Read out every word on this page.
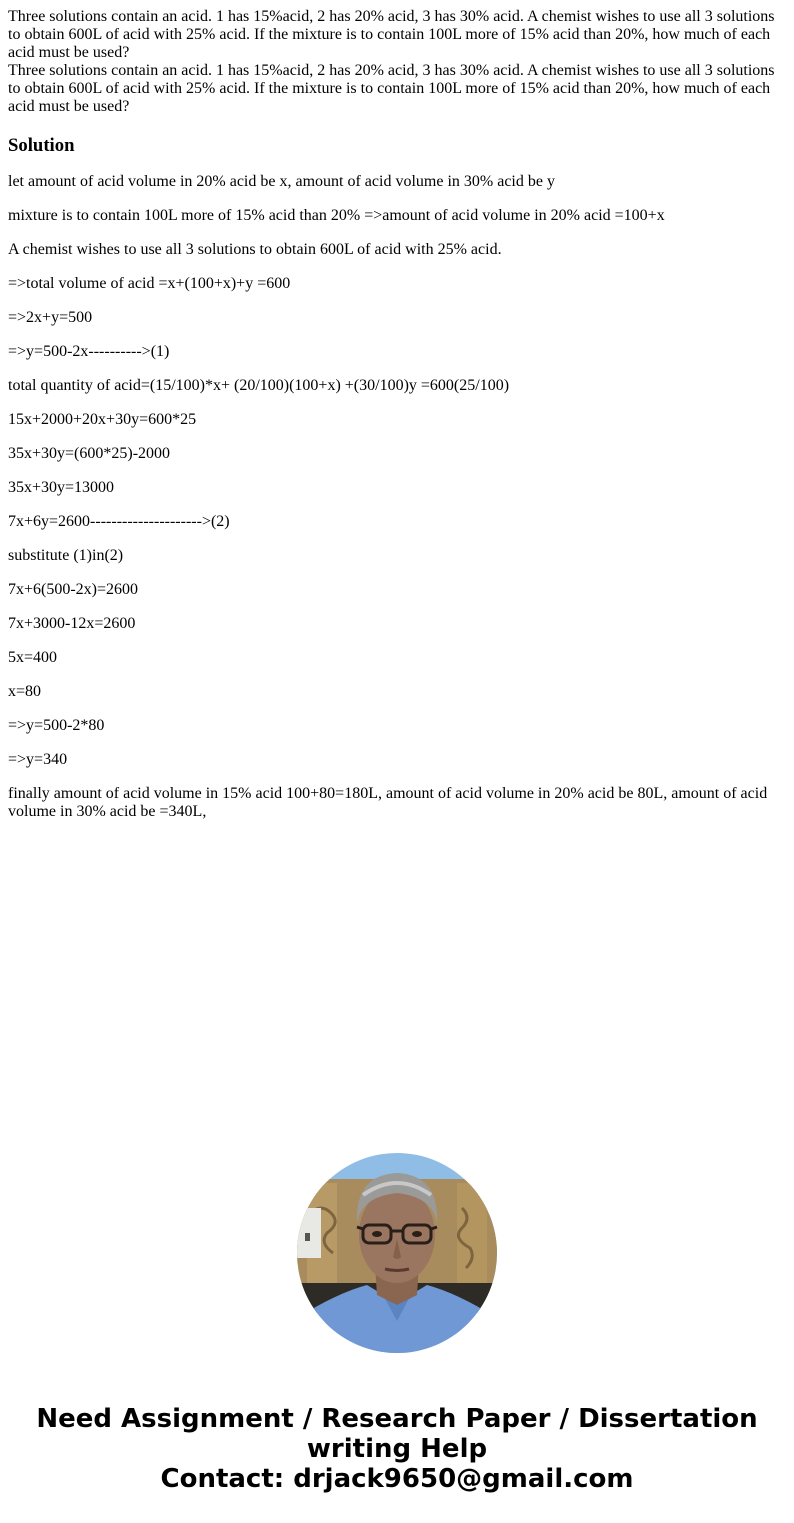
Three solutions contain an acid. 1 has 15%acid, 2 has 20% acid, 3 has 30% acid. A chemist wishes to use all 3 solutions to obtain 600L of acid with 25% acid. If the mixture is to contain 100L more of 15% acid than 20%, how much of each acid must be used?
Three solutions contain an acid. 1 has 15%acid, 2 has 20% acid, 3 has 30% acid. A chemist wishes to use all 3 solutions to obtain 600L of acid with 25% acid. If the mixture is to contain 100L more of 15% acid than 20%, how much of each acid must be used?
Solution

let amount of acid volume in 20% acid be x, amount of acid volume in 30% acid be y

mixture is to contain 100L more of 15% acid than 20% =>amount of acid volume in 20% acid =100+x

A chemist wishes to use all 3 solutions to obtain 600L of acid with 25% acid.

=>total volume of acid =x+(100+x)+y =600

=>2x+y=500

=>y=500-2x---------->(1)

total quantity of acid=(15/100)*x+ (20/100)(100+x) +(30/100)y =600(25/100)

15x+2000+20x+30y=600*25

35x+30y=(600*25)-2000

35x+30y=13000

7x+6y=2600--------------------->(2)

substitute (1)in(2)

7x+6(500-2x)=2600

7x+3000-12x=2600

5x=400

x=80

=>y=500-2*80

=>y=340

finally amount of acid volume in 15% acid 100+80=180L, amount of acid volume in 20% acid be 80L, amount of acid volume in 30% acid be =340L,

Need Assignment / Research Paper / Dissertation
writing Help
Contact: drjack9650@gmail.com
